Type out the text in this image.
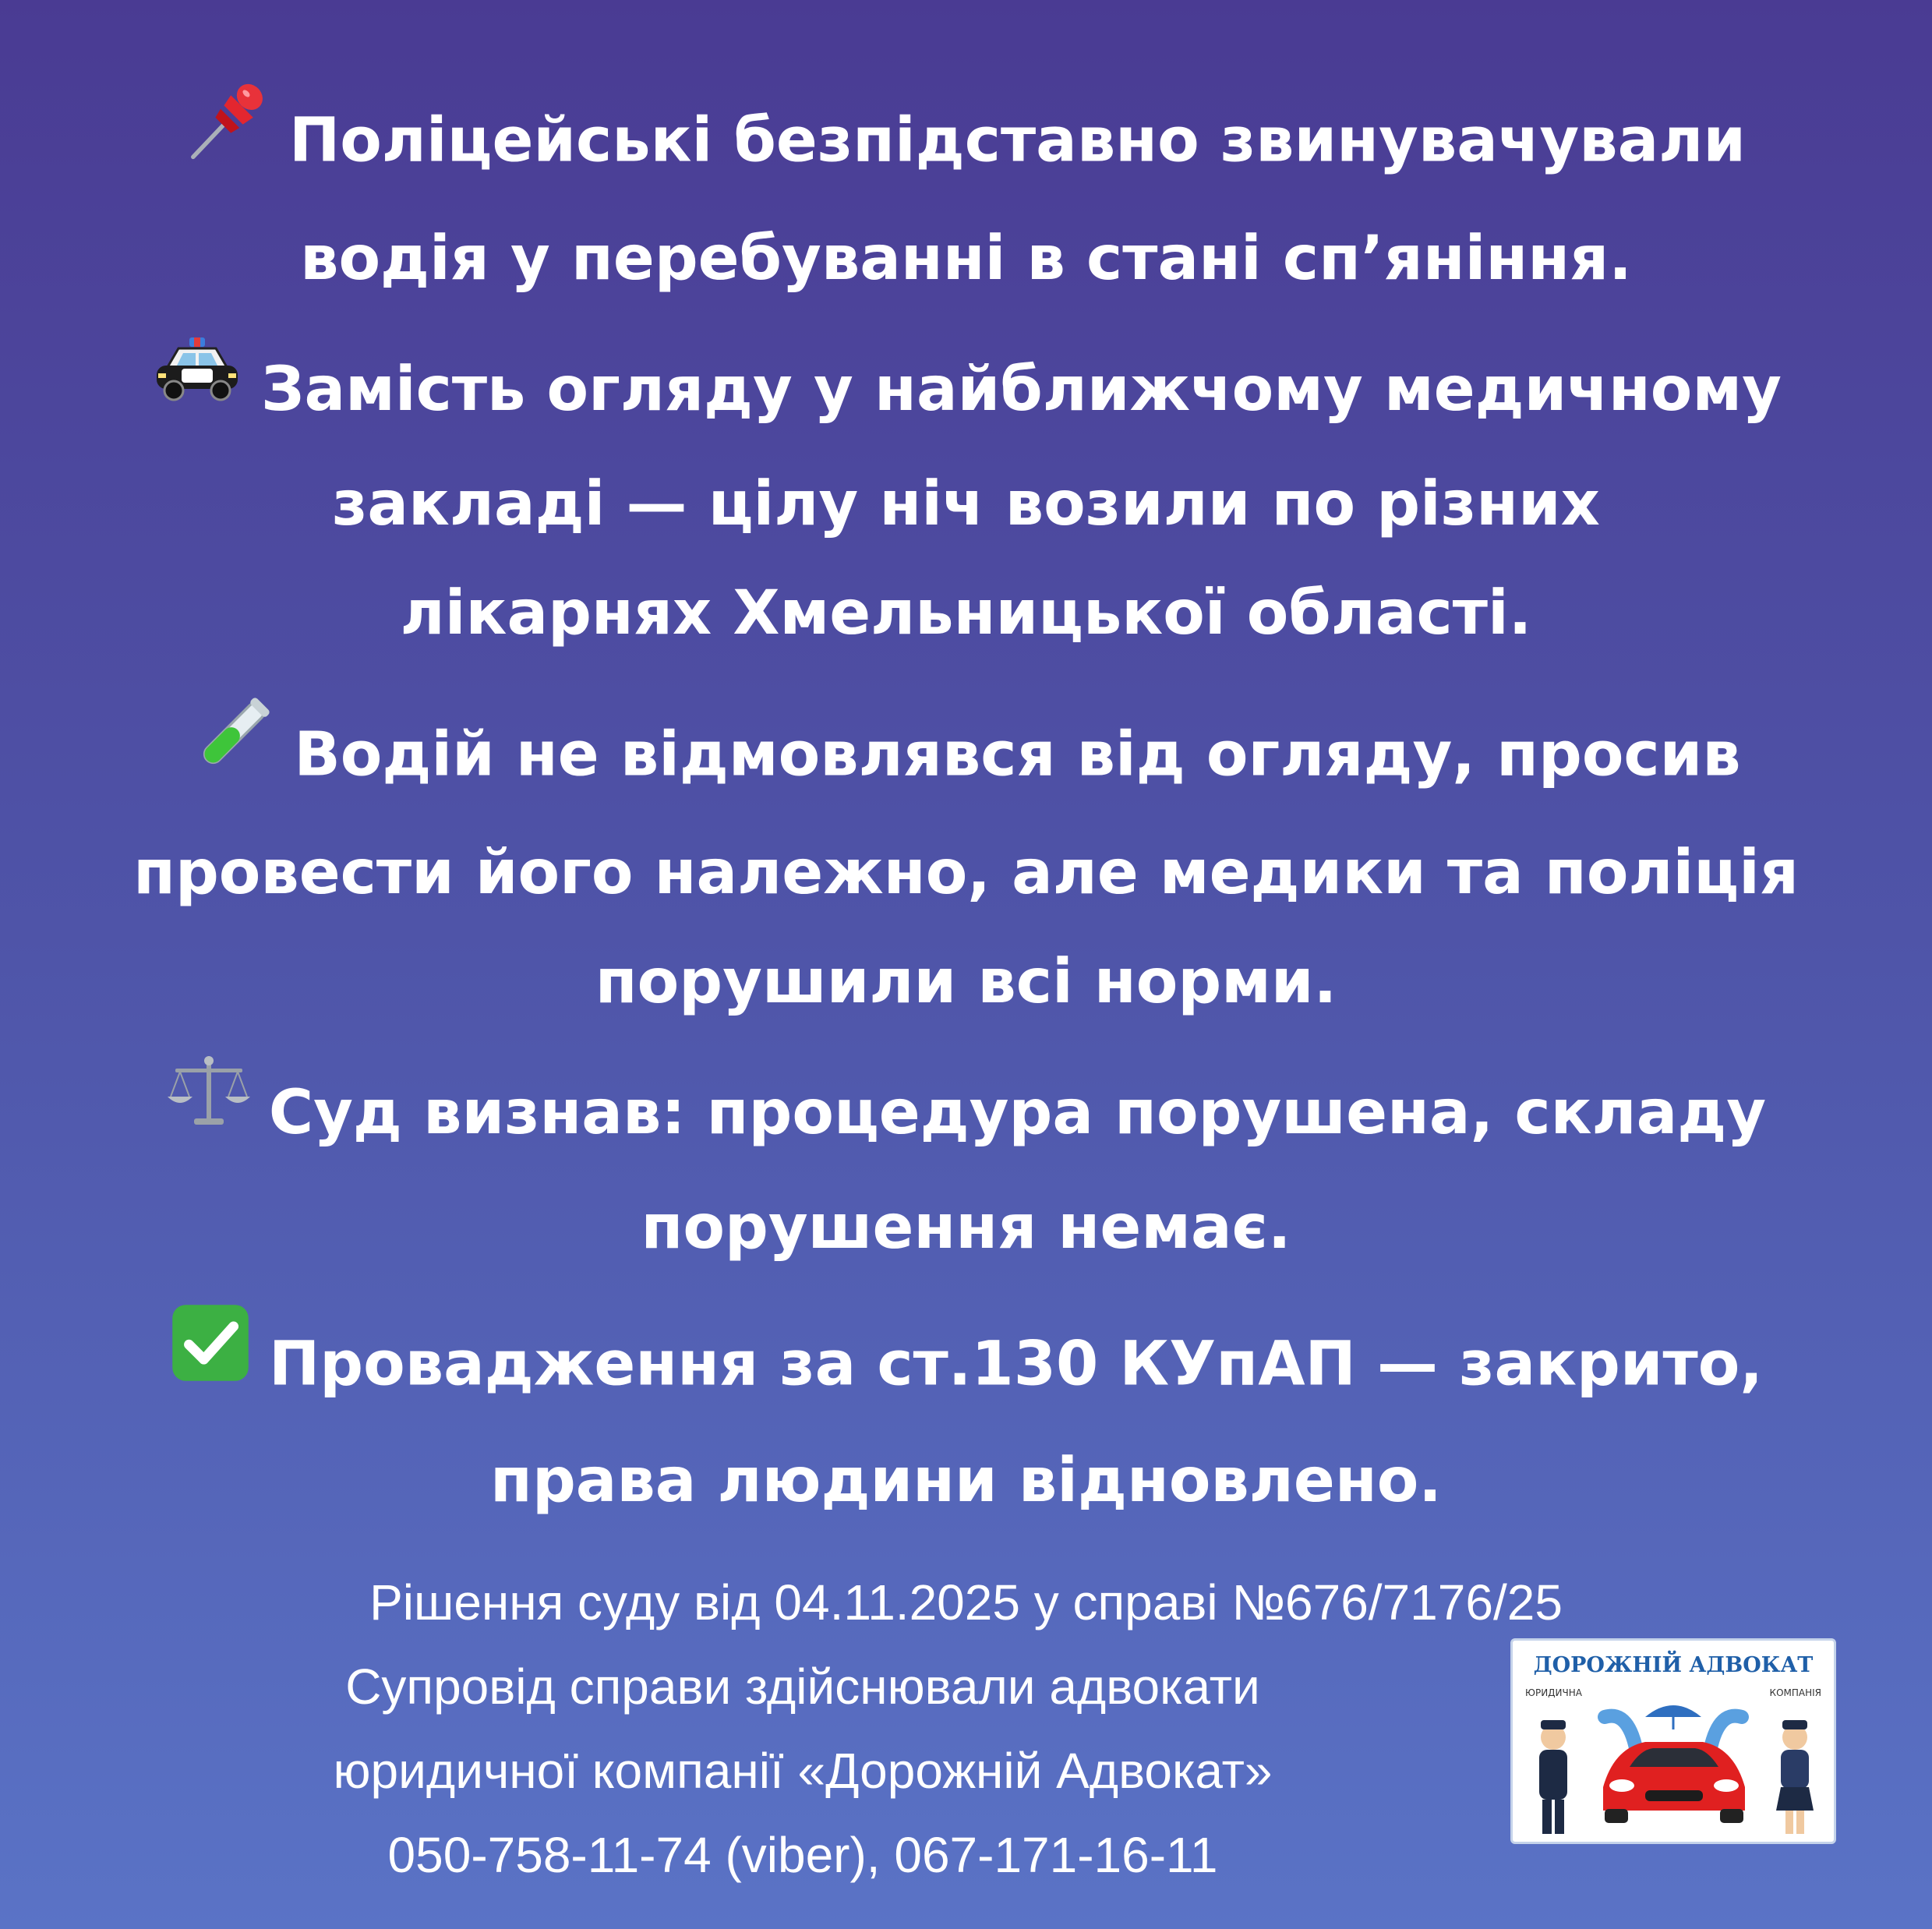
Поліцейські безпідставно звинувачували
водія у перебуванні в стані сп’яніння.
Замість огляду у найближчому медичному
закладі — цілу ніч возили по різних
лікарнях Хмельницької області.
Водій не відмовлявся від огляду, просив
провести його належно, але медики та поліція
порушили всі норми.
Суд визнав: процедура порушена, складу
порушення немає.
Провадження за ст.130 КУпАП — закрито,
права людини відновлено.
Рішення суду від 04.11.2025 у справі №676/7176/25
Супровід справи здійснювали адвокати
юридичної компанії «Дорожній Адвокат»
050-758-11-74 (viber), 067-171-16-11
ДОРОЖНІЙ АДВОКАТ
ЮРИДИЧНА	КОМПАНІЯ
